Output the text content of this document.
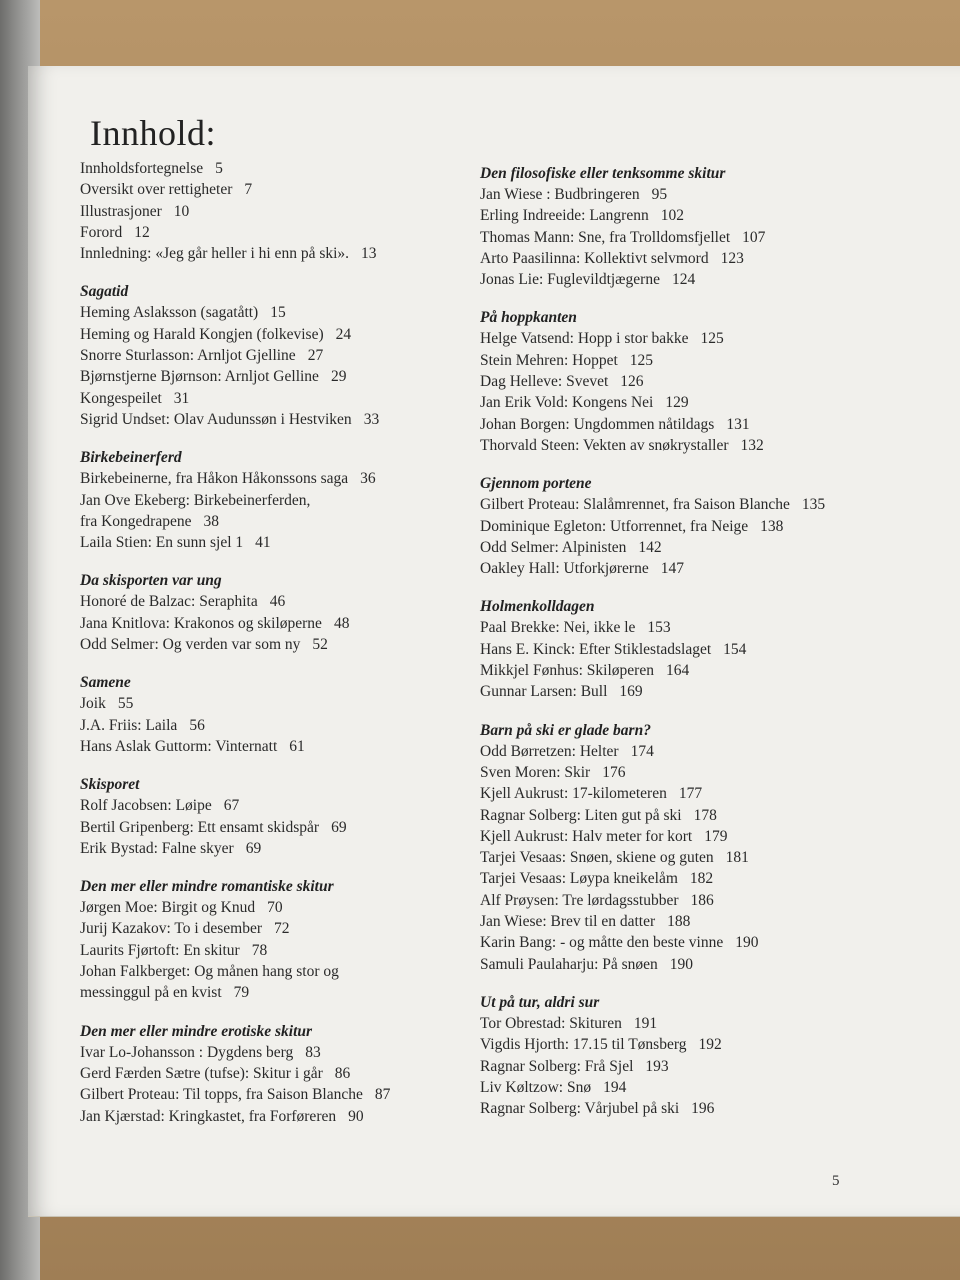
Innhold:
Innholdsfortegnelse 5
Oversikt over rettigheter 7
Illustrasjoner 10
Forord 12
Innledning: «Jeg går heller i hi enn på ski». 13
Sagatid
Heming Aslaksson (sagatått) 15
Heming og Harald Kongjen (folkevise) 24
Snorre Sturlasson: Arnljot Gjelline 27
Bjørnstjerne Bjørnson: Arnljot Gelline 29
Kongespeilet 31
Sigrid Undset: Olav Audunssøn i Hestviken 33
Birkebeinerferd
Birkebeinerne, fra Håkon Håkonssons saga 36
Jan Ove Ekeberg: Birkebeinerferden,
fra Kongedrapene 38
Laila Stien: En sunn sjel 1 41
Da skisporten var ung
Honoré de Balzac: Seraphita 46
Jana Knitlova: Krakonos og skiløperne 48
Odd Selmer: Og verden var som ny 52
Samene
Joik 55
J.A. Friis: Laila 56
Hans Aslak Guttorm: Vinternatt 61
Skisporet
Rolf Jacobsen: Løipe 67
Bertil Gripenberg: Ett ensamt skidspår 69
Erik Bystad: Falne skyer 69
Den mer eller mindre romantiske skitur
Jørgen Moe: Birgit og Knud 70
Jurij Kazakov: To i desember 72
Laurits Fjørtoft: En skitur 78
Johan Falkberget: Og månen hang stor og
messinggul på en kvist 79
Den mer eller mindre erotiske skitur
Ivar Lo-Johansson : Dygdens berg 83
Gerd Færden Sætre (tufse): Skitur i går 86
Gilbert Proteau: Til topps, fra Saison Blanche 87
Jan Kjærstad: Kringkastet, fra Forføreren 90
Den filosofiske eller tenksomme skitur
Jan Wiese : Budbringeren 95
Erling Indreeide: Langrenn 102
Thomas Mann: Sne, fra Trolldomsfjellet 107
Arto Paasilinna: Kollektivt selvmord 123
Jonas Lie: Fuglevildtjægerne 124
På hoppkanten
Helge Vatsend: Hopp i stor bakke 125
Stein Mehren: Hoppet 125
Dag Helleve: Svevet 126
Jan Erik Vold: Kongens Nei 129
Johan Borgen: Ungdommen nåtildags 131
Thorvald Steen: Vekten av snøkrystaller 132
Gjennom portene
Gilbert Proteau: Slalåmrennet, fra Saison Blanche 135
Dominique Egleton: Utforrennet, fra Neige 138
Odd Selmer: Alpinisten 142
Oakley Hall: Utforkjørerne 147
Holmenkolldagen
Paal Brekke: Nei, ikke le 153
Hans E. Kinck: Efter Stiklestadslaget 154
Mikkjel Fønhus: Skiløperen 164
Gunnar Larsen: Bull 169
Barn på ski er glade barn?
Odd Børretzen: Helter 174
Sven Moren: Skir 176
Kjell Aukrust: 17-kilometeren 177
Ragnar Solberg: Liten gut på ski 178
Kjell Aukrust: Halv meter for kort 179
Tarjei Vesaas: Snøen, skiene og guten 181
Tarjei Vesaas: Løypa kneikelåm 182
Alf Prøysen: Tre lørdagsstubber 186
Jan Wiese: Brev til en datter 188
Karin Bang: - og måtte den beste vinne 190
Samuli Paulaharju: På snøen 190
Ut på tur, aldri sur
Tor Obrestad: Skituren 191
Vigdis Hjorth: 17.15 til Tønsberg 192
Ragnar Solberg: Frå Sjel 193
Liv Køltzow: Snø 194
Ragnar Solberg: Vårjubel på ski 196
5
